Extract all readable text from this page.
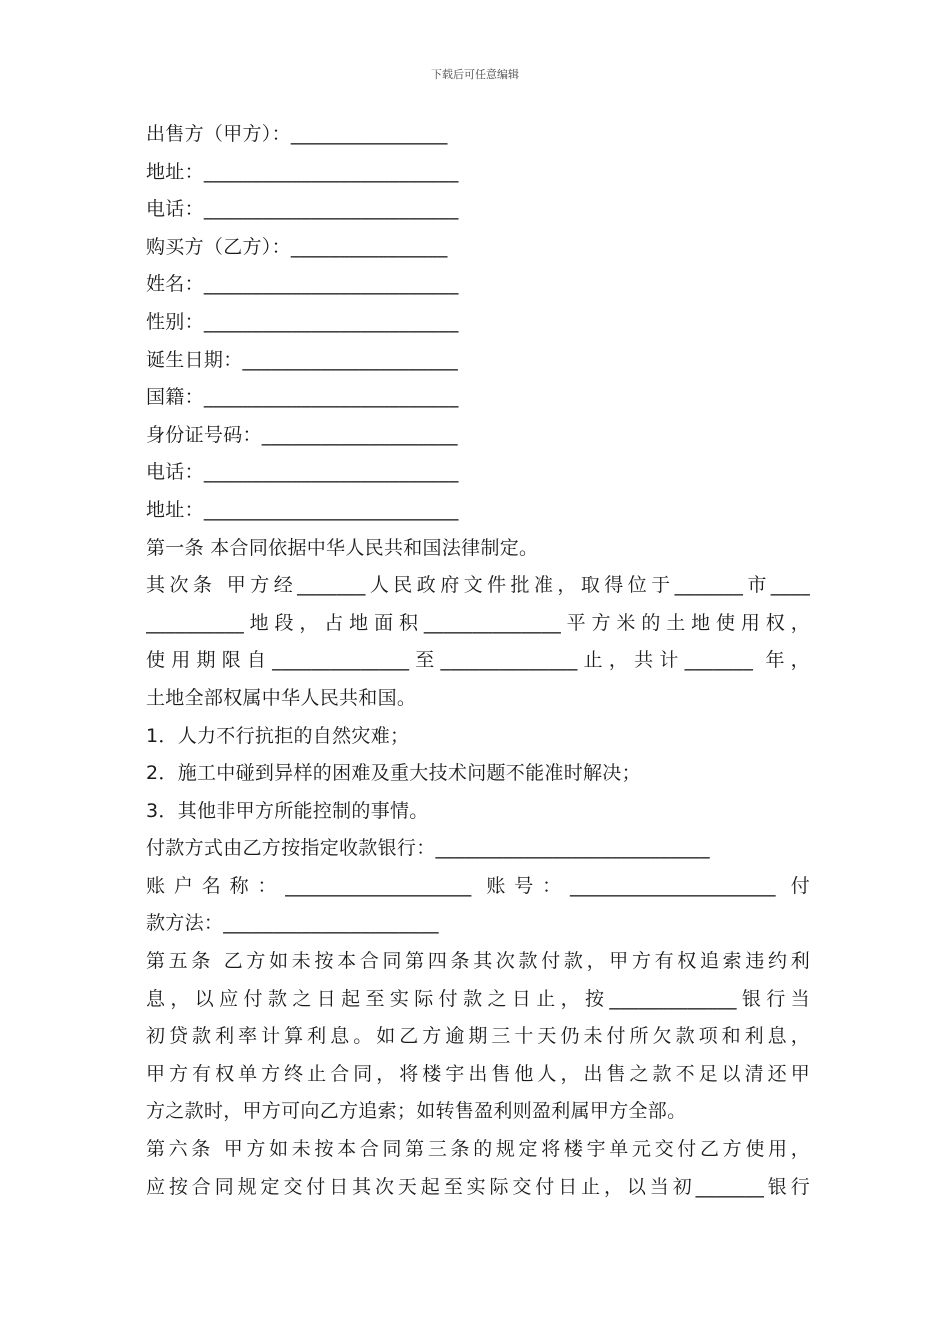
下载后可任意编辑
出售方（甲方）：________________
地址：__________________________
电话：__________________________
购买方（乙方）：________________
姓名：__________________________
性别：__________________________
诞生日期：______________________
国籍：__________________________
身份证号码：____________________
电话：__________________________
地址：__________________________
第一条 本合同依据中华人民共和国法律制定。
其次条 甲方经_______人民政府文件批准，取得位于_______市____
__________地段，占地面积______________平方米的土地使用权，
使用期限自______________至______________止，共计_______ 年，
土地全部权属中华人民共和国。
1．人力不行抗拒的自然灾难；
2．施工中碰到异样的困难及重大技术问题不能准时解决；
3．其他非甲方所能控制的事情。
付款方式由乙方按指定收款银行：____________________________
账户名称：___________________ 账号：_____________________ 付
款方法：______________________
第五条 乙方如未按本合同第四条其次款付款，甲方有权追索违约利
息，以应付款之日起至实际付款之日止，按_____________银行当
初贷款利率计算利息。如乙方逾期三十天仍未付所欠款项和利息，
甲方有权单方终止合同，将楼宇出售他人，出售之款不足以清还甲
方之款时，甲方可向乙方追索；如转售盈利则盈利属甲方全部。
第六条 甲方如未按本合同第三条的规定将楼宇单元交付乙方使用，
应按合同规定交付日其次天起至实际交付日止，以当初_______银行
